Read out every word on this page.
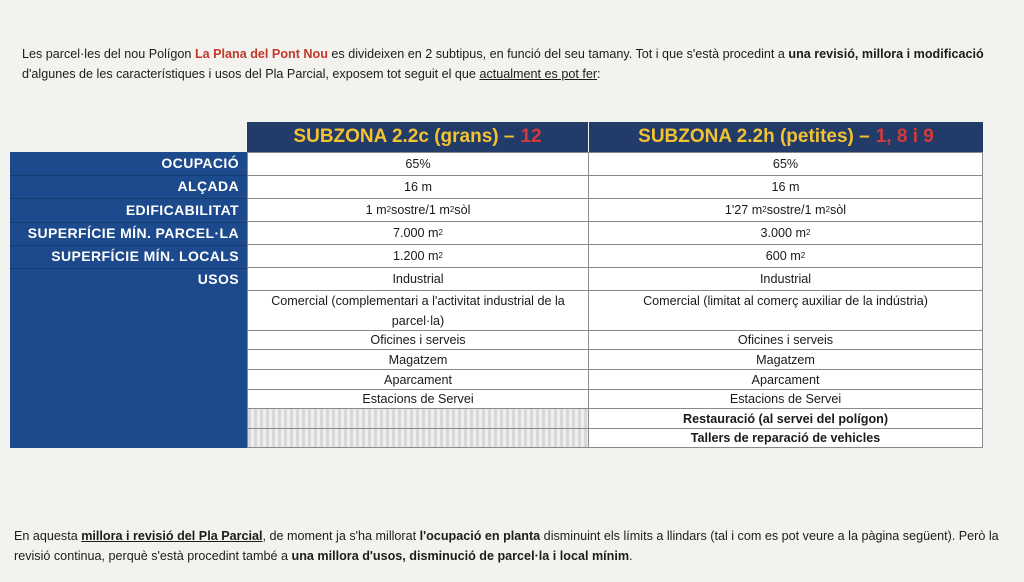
Les parcel·les del nou Polígon La Plana del Pont Nou es divideixen en 2 subtipus, en funció del seu tamany. Tot i que s'està procedint a una revisió, millora i modificació d'algunes de les característiques i usos del Pla Parcial, exposem tot seguit el que actualment es pot fer:

SUBZONA 2.2c (grans) – 12	SUBZONA 2.2h (petites) – 1, 8 i 9
OCUPACIÓ
ALÇADA
EDIFICABILITAT
SUPERFÍCIE MÍN. PARCEL·LA
SUPERFÍCIE MÍN. LOCALS
USOS
65%
16 m
1 m 2 sostre/1 m 2 sòl
7.000 m 2
1.200 m 2
Industrial
Comercial (complementari a l'activitat industrial de la parcel·la)
Oficines i serveis
Magatzem
Aparcament
Estacions de Servei
65%
16 m
1'27 m 2 sostre/1 m 2 sòl
3.000 m 2
600 m 2
Industrial
Comercial (limitat al comerç auxiliar de la indústria)
Oficines i serveis
Magatzem
Aparcament
Estacions de Servei
Restauració (al servei del polígon)
Tallers de reparació de vehicles

En aquesta millora i revisió del Pla Parcial, de moment ja s'ha millorat l'ocupació en planta disminuint els límits a llindars (tal i com es pot veure a la pàgina següent). Però la revisió continua, perquè s'està procedint també a una millora d'usos, disminució de parcel·la i local mínim.
